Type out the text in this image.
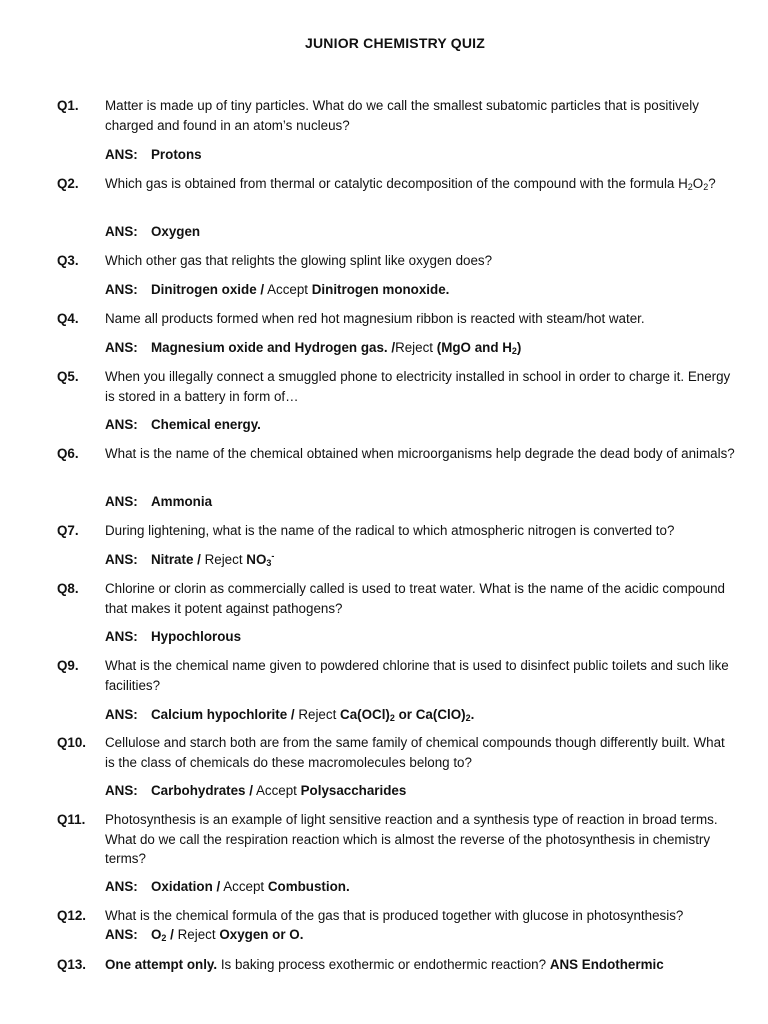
JUNIOR CHEMISTRY QUIZ
Q1. Matter is made up of tiny particles. What do we call the smallest subatomic particles that is positively charged and found in an atom’s nucleus?
ANS: Protons
Q2. Which gas is obtained from thermal or catalytic decomposition of the compound with the formula $H_2O_2$?
ANS: Oxygen
Q3. Which other gas that relights the glowing splint like oxygen does?
ANS: Dinitrogen oxide / Accept Dinitrogen monoxide.
Q4. Name all products formed when red hot magnesium ribbon is reacted with steam/hot water.
ANS: Magnesium oxide and Hydrogen gas. /Reject (MgO and $H_2$)
Q5. When you illegally connect a smuggled phone to electricity installed in school in order to charge it. Energy is stored in a battery in form of…
ANS: Chemical energy.
Q6. What is the name of the chemical obtained when microorganisms help degrade the dead body of animals?
ANS: Ammonia
Q7. During lightening, what is the name of the radical to which atmospheric nitrogen is converted to?
ANS: Nitrate / Reject $NO_3^-$
Q8. Chlorine or clorin as commercially called is used to treat water. What is the name of the acidic compound that makes it potent against pathogens?
ANS: Hypochlorous
Q9. What is the chemical name given to powdered chlorine that is used to disinfect public toilets and such like facilities?
ANS: Calcium hypochlorite / Reject $Ca(OCl)_2$ or $Ca(ClO)_2$.
Q10. Cellulose and starch both are from the same family of chemical compounds though differently built. What is the class of chemicals do these macromolecules belong to?
ANS: Carbohydrates / Accept Polysaccharides
Q11. Photosynthesis is an example of light sensitive reaction and a synthesis type of reaction in broad terms. What do we call the respiration reaction which is almost the reverse of the photosynthesis in chemistry terms?
ANS: Oxidation / Accept Combustion.
Q12. What is the chemical formula of the gas that is produced together with glucose in photosynthesis?
ANS: $O_2$ / Reject Oxygen or O.
Q13. One attempt only. Is baking process exothermic or endothermic reaction? ANS Endothermic
